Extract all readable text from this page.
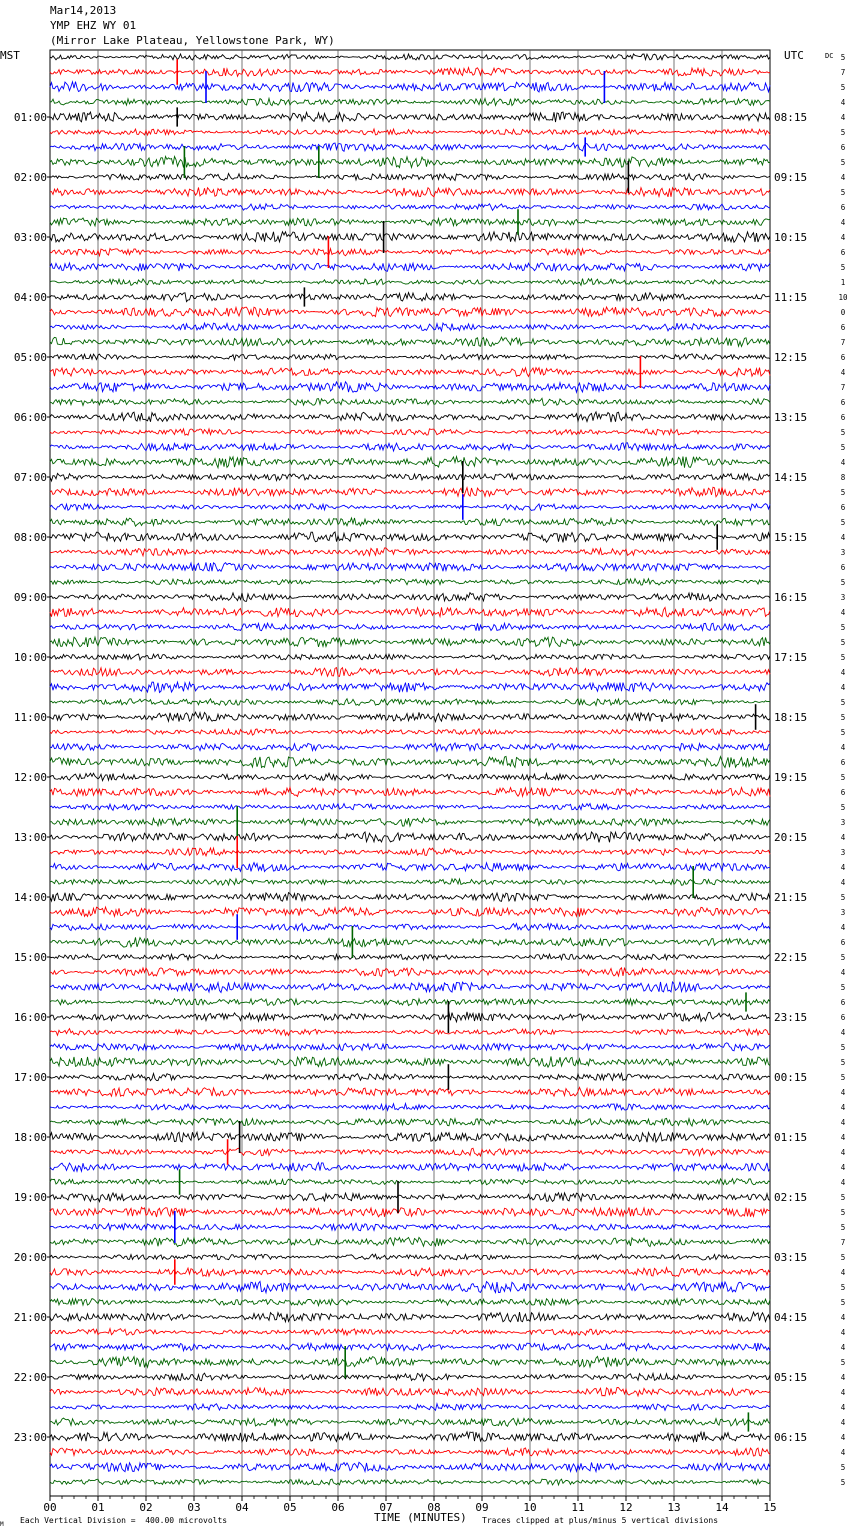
Mar14,2013
YMP EHZ WY 01
(Mirror Lake Plateau, Yellowstone Park, WY)
MST	UTC	DC
00	01	02	03	04	05	06	07	08	09	10	11	12	13	14	15
01:00
02:00
03:00
04:00
05:00
06:00
07:00
08:00
09:00
10:00
11:00
12:00
13:00
14:00
15:00
16:00
17:00
18:00
19:00
20:00
21:00
22:00
23:00
08:15
09:15
10:15
11:15
12:15
13:15
14:15
15:15
16:15
17:15
18:15
19:15
20:15
21:15
22:15
23:15
00:15
01:15
02:15
03:15
04:15
05:15
06:15
5
7
5
4
4
5
6
5
4
5
6
4
4
6
5
1
10
0
6
7
6
4
7
6
6
5
5
4
8
5
6
5
4
3
6
5
3
4
5
5
5
4
4
5
5
5
4
6
5
6
5
3
4
3
4
4
5
3
4
6
5
4
5
6
6
4
5
5
5
4
4
4
4
4
4
4
5
5
5
7
5
4
5
5
4
4
4
5
4
4
4
4
4
4
5
5
TIME (MINUTES)
M Each Vertical Division =  400.00 microvolts	Traces clipped at plus/minus 5 vertical divisions
